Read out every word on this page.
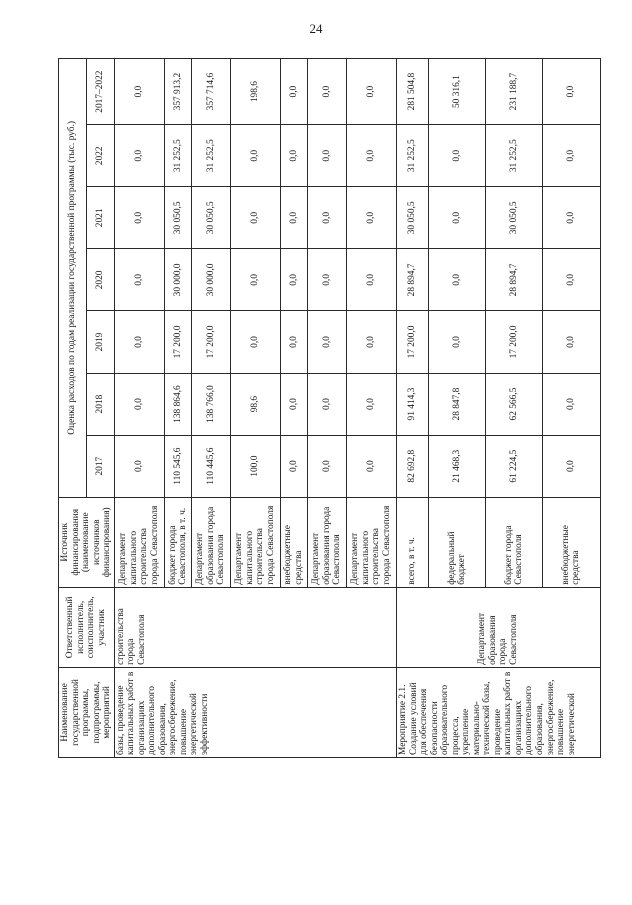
24
Наименование государственной программы, подпрограммы, мероприятий	Ответственный исполнитель, соисполнитель, участник	Источник финансирования (наименование источников финансирования)	Оценка расходов по годам реализации государственной программы (тыс. руб.)						
			2017	2018	2019	2020	2021	2022	2017–2022
базы, проведение капитальных работ в организациях дополнительного образования, энергосбережение, повышение энергетической эффективности	строительства города Севастополя	Департамент капитального строительства города Севастополя	0,0	0,0	0,0	0,0	0,0	0,0	0,0
		бюджет города Севастополя, в т. ч.	110 545,6	138 864,6	17 200,0	30 000,0	30 050,5	31 252,5	357 913,2
		Департамент образования города Севастополя	110 445,6	138 766,0	17 200,0	30 000,0	30 050,5	31 252,5	357 714,6
		Департамент капитального строительства города Севастополя	100,0	98,6	0,0	0,0	0,0	0,0	198,6
		внебюджетные средства	0,0	0,0	0,0	0,0	0,0	0,0	0,0
		Департамент образования города Севастополя	0,0	0,0	0,0	0,0	0,0	0,0	0,0
		Департамент капитального строительства города Севастополя	0,0	0,0	0,0	0,0	0,0	0,0	0,0
Мероприятие 2.1. Создание условий для обеспечения безопасности образовательного процесса, укрепление материально-технической базы, проведение капитальных работ в организациях дополнительного образования, энергосбережение, повышение энергетической	Департамент образования города Севастополя	всего, в т. ч.	82 692,8	91 414,3	17 200,0	28 894,7	30 050,5	31 252,5	281 504,8
		федеральный бюджет	21 468,3	28 847,8	0,0	0,0	0,0	0,0	50 316,1
		бюджет города Севастополя	61 224,5	62 566,5	17 200,0	28 894,7	30 050,5	31 252,5	231 188,7
		внебюджетные средства	0,0	0,0	0,0	0,0	0,0	0,0	0,0
